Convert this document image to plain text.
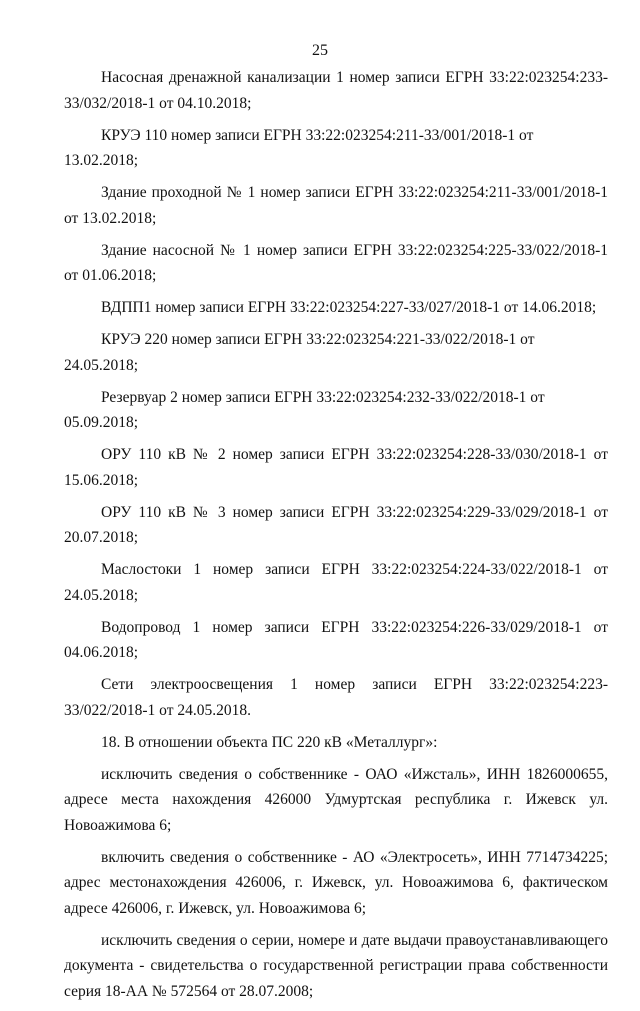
25

Насосная дренажной канализации 1 номер записи ЕГРН 33:22:023254:233-33/032/2018-1 от 04.10.2018;

КРУЭ 110 номер записи ЕГРН 33:22:023254:211-33/001/2018-1 от 13.02.2018;

Здание проходной № 1 номер записи ЕГРН 33:22:023254:211-33/001/2018-1 от 13.02.2018;

Здание насосной № 1 номер записи ЕГРН 33:22:023254:225-33/022/2018-1 от 01.06.2018;

ВДПП1 номер записи ЕГРН 33:22:023254:227-33/027/2018-1 от 14.06.2018;

КРУЭ 220 номер записи ЕГРН 33:22:023254:221-33/022/2018-1 от 24.05.2018;

Резервуар 2 номер записи ЕГРН 33:22:023254:232-33/022/2018-1 от 05.09.2018;

ОРУ 110 кВ № 2 номер записи ЕГРН 33:22:023254:228-33/030/2018-1 от 15.06.2018;

ОРУ 110 кВ № 3 номер записи ЕГРН 33:22:023254:229-33/029/2018-1 от 20.07.2018;

Маслостоки 1 номер записи ЕГРН 33:22:023254:224-33/022/2018-1 от 24.05.2018;

Водопровод 1 номер записи ЕГРН 33:22:023254:226-33/029/2018-1 от 04.06.2018;

Сети электроосвещения 1 номер записи ЕГРН 33:22:023254:223-33/022/2018-1 от 24.05.2018.

18. В отношении объекта ПС 220 кВ «Металлург»:

исключить сведения о собственнике - ОАО «Ижсталь», ИНН 1826000655, адресе места нахождения 426000 Удмуртская республика г. Ижевск ул. Новоажимова 6;

включить сведения о собственнике - АО «Электросеть», ИНН 7714734225; адрес местонахождения 426006, г. Ижевск, ул. Новоажимова 6, фактическом адресе 426006, г. Ижевск, ул. Новоажимова 6;

исключить сведения о серии, номере и дате выдачи правоустанавливающего документа - свидетельства о государственной регистрации права собственности серия 18-АА № 572564 от 28.07.2008;
